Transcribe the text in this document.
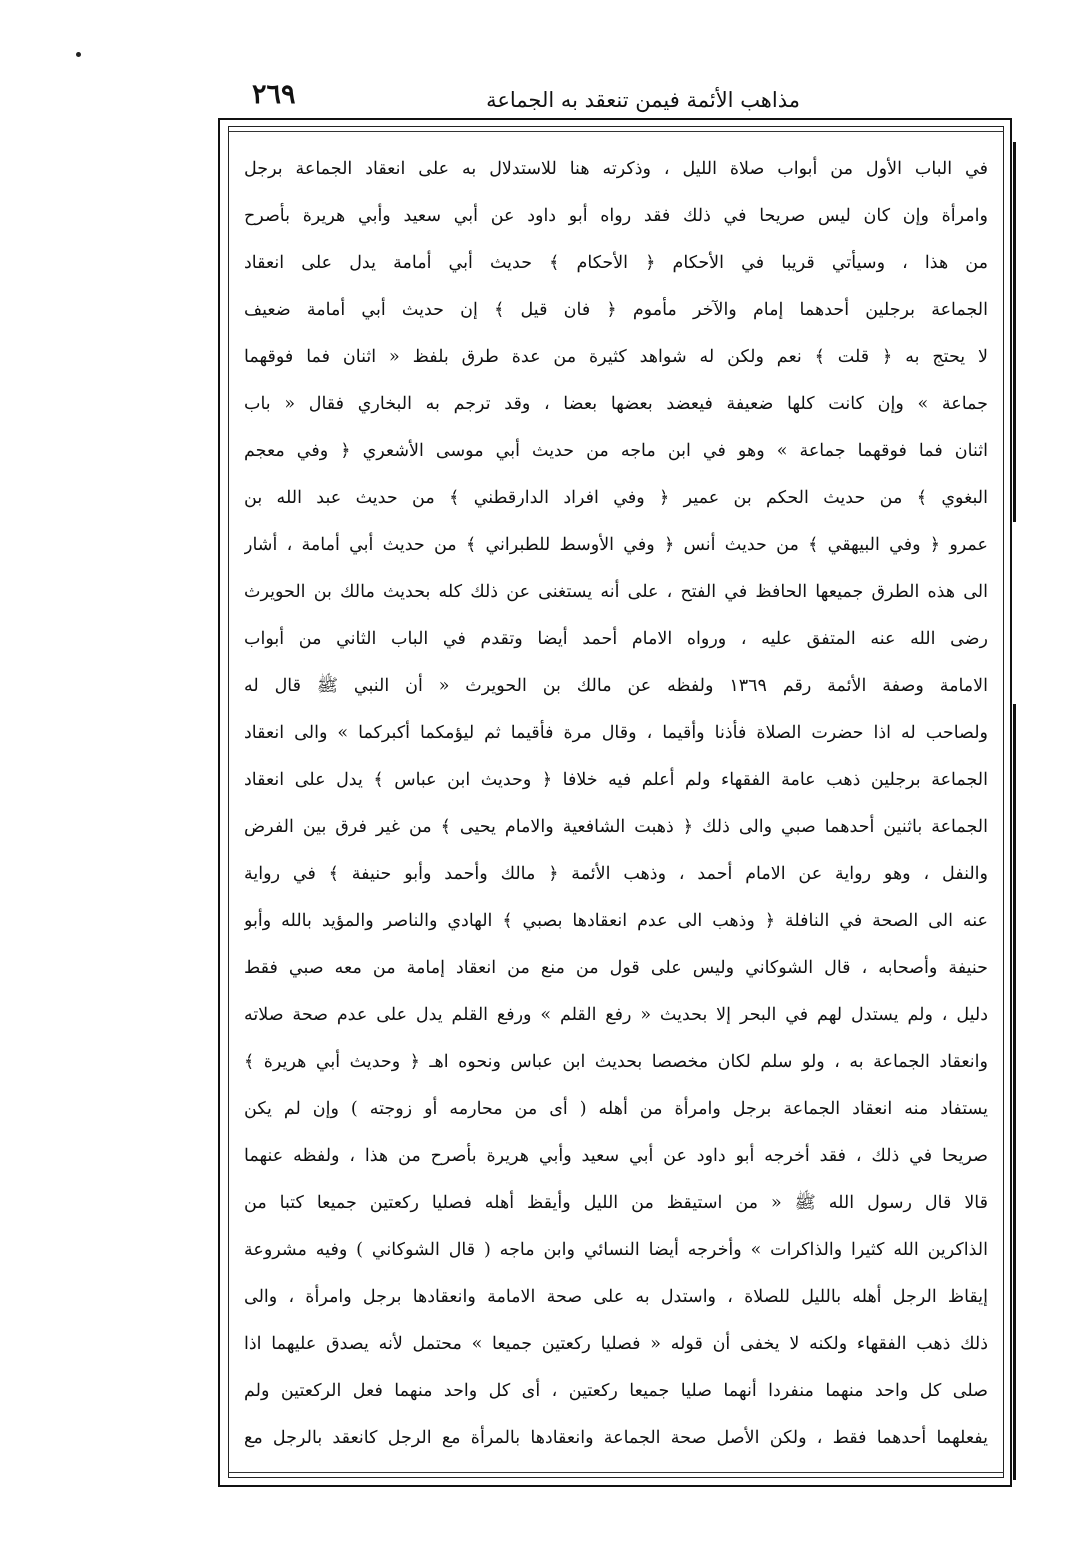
مذاهب الأئمة فيمن تنعقد به الجماعة
٢٦٩
في الباب الأول من أبواب صلاة الليل ، وذكرته هنا للاستدلال به على انعقاد الجماعة برجل
وامرأة وإن كان ليس صريحا في ذلك فقد رواه أبو داود عن أبي سعيد وأبي هريرة بأصرح
من هذا ، وسيأتي قريبا في الأحكام ﴿ الأحكام ﴾ حديث أبي أمامة يدل على انعقاد
الجماعة برجلين أحدهما إمام والآخر مأموم ﴿ فان قيل ﴾ إن حديث أبي أمامة ضعيف
لا يحتج به ﴿ قلت ﴾ نعم ولكن له شواهد كثيرة من عدة طرق بلفظ « اثنان فما فوقهما
جماعة » وإن كانت كلها ضعيفة فيعضد بعضها بعضا ، وقد ترجم به البخاري فقال « باب
اثنان فما فوقهما جماعة » وهو في ابن ماجه من حديث أبي موسى الأشعري ﴿ وفي معجم
البغوي ﴾ من حديث الحكم بن عمير ﴿ وفي افراد الدارقطني ﴾ من حديث عبد الله بن
عمرو ﴿ وفي البيهقي ﴾ من حديث أنس ﴿ وفي الأوسط للطبراني ﴾ من حديث أبي أمامة ، أشار
الى هذه الطرق جميعها الحافظ في الفتح ، على أنه يستغنى عن ذلك كله بحديث مالك بن الحويرث
رضى الله عنه المتفق عليه ، ورواه الامام أحمد أيضا وتقدم في الباب الثاني من أبواب
الامامة وصفة الأئمة رقم ١٣٦٩ ولفظه عن مالك بن الحويرث « أن النبي ﷺ قال له
ولصاحب له اذا حضرت الصلاة فأذنا وأقيما ، وقال مرة فأقيما ثم ليؤمكما أكبركما » والى انعقاد
الجماعة برجلين ذهب عامة الفقهاء ولم أعلم فيه خلافا ﴿ وحديث ابن عباس ﴾ يدل على انعقاد
الجماعة باثنين أحدهما صبي والى ذلك ﴿ ذهبت الشافعية والامام يحيى ﴾ من غير فرق بين الفرض
والنفل ، وهو رواية عن الامام أحمد ، وذهب الأئمة ﴿ مالك وأحمد وأبو حنيفة ﴾ في رواية
عنه الى الصحة في النافلة ﴿ وذهب الى عدم انعقادها بصبي ﴾ الهادي والناصر والمؤيد بالله وأبو
حنيفة وأصحابه ، قال الشوكاني وليس على قول من منع من انعقاد إمامة من معه صبي فقط
دليل ، ولم يستدل لهم في البحر إلا بحديث « رفع القلم » ورفع القلم يدل على عدم صحة صلاته
وانعقاد الجماعة به ، ولو سلم لكان مخصصا بحديث ابن عباس ونحوه اهـ ﴿ وحديث أبي هريرة ﴾
يستفاد منه انعقاد الجماعة برجل وامرأة من أهله ( أى من محارمه أو زوجته ) وإن لم يكن
صريحا في ذلك ، فقد أخرجه أبو داود عن أبي سعيد وأبي هريرة بأصرح من هذا ، ولفظه عنهما
قالا قال رسول الله ﷺ « من استيقظ من الليل وأيقظ أهله فصليا ركعتين جميعا كتبا من
الذاكرين الله كثيرا والذاكرات » وأخرجه أيضا النسائي وابن ماجه ( قال الشوكاني ) وفيه مشروعة
إيقاظ الرجل أهله بالليل للصلاة ، واستدل به على صحة الامامة وانعقادها برجل وامرأة ، والى
ذلك ذهب الفقهاء ولكنه لا يخفى أن قوله « فصليا ركعتين جميعا » محتمل لأنه يصدق عليهما اذا
صلى كل واحد منهما منفردا أنهما صليا جميعا ركعتين ، أى كل واحد منهما فعل الركعتين ولم
يفعلهما أحدهما فقط ، ولكن الأصل صحة الجماعة وانعقادها بالمرأة مع الرجل كانعقد بالرجل مع
